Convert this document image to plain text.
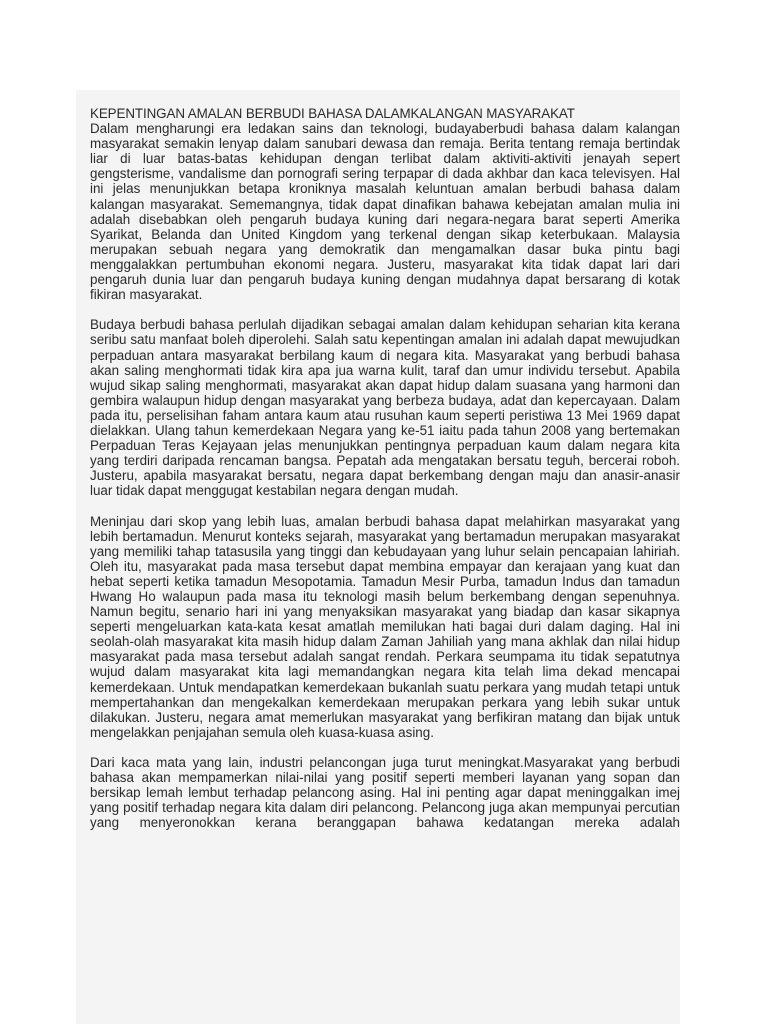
KEPENTINGAN AMALAN BERBUDI BAHASA DALAMKALANGAN MASYARAKAT

Dalam mengharungi era ledakan sains dan teknologi, budayaberbudi bahasa dalam kalangan masyarakat semakin lenyap dalam sanubari dewasa dan remaja. Berita tentang remaja bertindak liar di luar batas-batas kehidupan dengan terlibat dalam aktiviti-aktiviti jenayah sepert gengsterisme, vandalisme dan pornografi sering terpapar di dada akhbar dan kaca televisyen. Hal ini jelas menunjukkan betapa kroniknya masalah keluntuan amalan berbudi bahasa dalam kalangan masyarakat. Sememangnya, tidak dapat dinafikan bahawa kebejatan amalan mulia ini adalah disebabkan oleh pengaruh budaya kuning dari negara-negara barat seperti Amerika Syarikat, Belanda dan United Kingdom yang terkenal dengan sikap keterbukaan. Malaysia merupakan sebuah negara yang demokratik dan mengamalkan dasar buka pintu bagi menggalakkan pertumbuhan ekonomi negara. Justeru, masyarakat kita tidak dapat lari dari pengaruh dunia luar dan pengaruh budaya kuning dengan mudahnya dapat bersarang di kotak fikiran masyarakat.

Budaya berbudi bahasa perlulah dijadikan sebagai amalan dalam kehidupan seharian kita kerana seribu satu manfaat boleh diperolehi. Salah satu kepentingan amalan ini adalah dapat mewujudkan perpaduan antara masyarakat berbilang kaum di negara kita. Masyarakat yang berbudi bahasa akan saling menghormati tidak kira apa jua warna kulit, taraf dan umur individu tersebut. Apabila wujud sikap saling menghormati, masyarakat akan dapat hidup dalam suasana yang harmoni dan gembira walaupun hidup dengan masyarakat yang berbeza budaya, adat dan kepercayaan. Dalam pada itu, perselisihan faham antara kaum atau rusuhan kaum seperti peristiwa 13 Mei 1969 dapat dielakkan. Ulang tahun kemerdekaan Negara yang ke-51 iaitu pada tahun 2008 yang bertemakan Perpaduan Teras Kejayaan jelas menunjukkan pentingnya perpaduan kaum dalam negara kita yang terdiri daripada rencaman bangsa. Pepatah ada mengatakan bersatu teguh, bercerai roboh. Justeru, apabila masyarakat bersatu, negara dapat berkembang dengan maju dan anasir-anasir luar tidak dapat menggugat kestabilan negara dengan mudah.

Meninjau dari skop yang lebih luas, amalan berbudi bahasa dapat melahirkan masyarakat yang lebih bertamadun. Menurut konteks sejarah, masyarakat yang bertamadun merupakan masyarakat yang memiliki tahap tatasusila yang tinggi dan kebudayaan yang luhur selain pencapaian lahiriah. Oleh itu, masyarakat pada masa tersebut dapat membina empayar dan kerajaan yang kuat dan hebat seperti ketika tamadun Mesopotamia. Tamadun Mesir Purba, tamadun Indus dan tamadun Hwang Ho walaupun pada masa itu teknologi masih belum berkembang dengan sepenuhnya. Namun begitu, senario hari ini yang menyaksikan masyarakat yang biadap dan kasar sikapnya seperti mengeluarkan kata-kata kesat amatlah memilukan hati bagai duri dalam daging. Hal ini seolah-olah masyarakat kita masih hidup dalam Zaman Jahiliah yang mana akhlak dan nilai hidup masyarakat pada masa tersebut adalah sangat rendah. Perkara seumpama itu tidak sepatutnya wujud dalam masyarakat kita lagi memandangkan negara kita telah lima dekad mencapai kemerdekaan. Untuk mendapatkan kemerdekaan bukanlah suatu perkara yang mudah tetapi untuk mempertahankan dan mengekalkan kemerdekaan merupakan perkara yang lebih sukar untuk dilakukan. Justeru, negara amat memerlukan masyarakat yang berfikiran matang dan bijak untuk mengelakkan penjajahan semula oleh kuasa-kuasa asing.

Dari kaca mata yang lain, industri pelancongan juga turut meningkat.Masyarakat yang berbudi bahasa akan mempamerkan nilai-nilai yang positif seperti memberi layanan yang sopan dan bersikap lemah lembut terhadap pelancong asing. Hal ini penting agar dapat meninggalkan imej yang positif terhadap negara kita dalam diri pelancong. Pelancong juga akan mempunyai percutian yang menyeronokkan kerana beranggapan bahawa kedatangan mereka adalah
